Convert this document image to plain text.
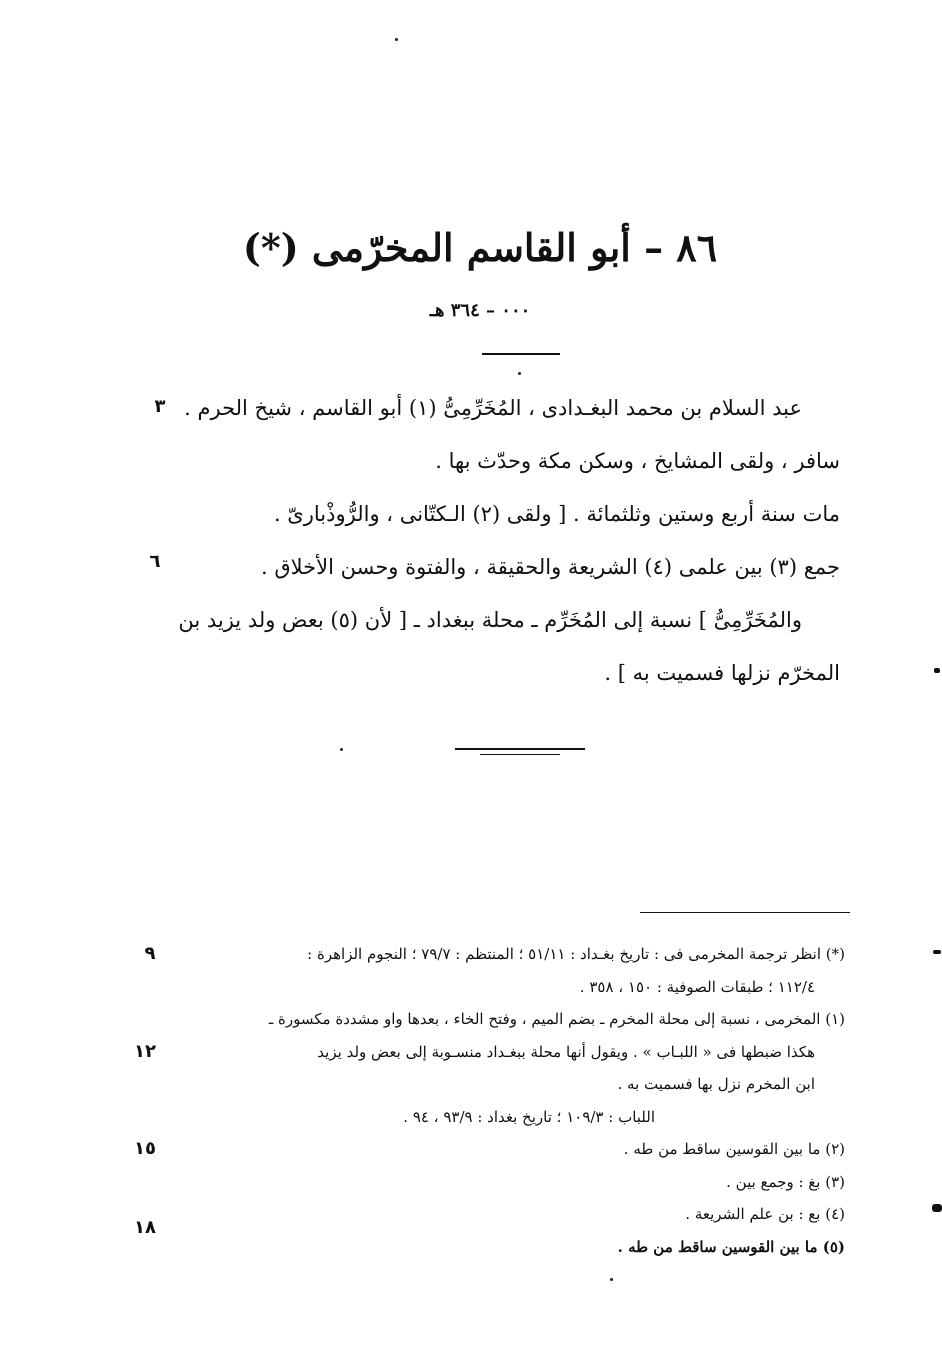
٨٦ – أبو القاسم المخرّمى (*)
٠٠٠ – ٣٦٤ هـ
عبد السلام بن محمد البغـدادى ، المُخَرِّمِىُّ (١) أبو القاسم ، شيخ الحرم .
سافر ، ولقى المشايخ ، وسكن مكة وحدّث بها .
مات سنة أربع وستين وثلثمائة . [ ولقى (٢) الـكتّانى ، والرُّوذْبارىّ .
جمع (٣) بين علمى (٤) الشريعة والحقيقة ، والفتوة وحسن الأخلاق .
والمُخَرِّمِىُّ ] نسبة إلى المُخَرِّم ـ محلة ببغداد ـ [ لأن (٥) بعض ولد يزيد بن
المخرّم نزلها فسميت به ] .
٣
٦
(*) انظر ترجمة المخرمى فى : تاريخ بغـداد : ٥١/١١ ؛ المنتظم : ٧٩/٧ ؛ النجوم الزاهرة :
١١٢/٤ ؛ طبقات الصوفية : ١٥٠ ، ٣٥٨ .
(١) المخرمى ، نسبة إلى محلة المخرم ـ بضم الميم ، وفتح الخاء ، بعدها واو مشددة مكسورة ـ
هكذا ضبطها فى « اللبـاب » . ويقول أنها محلة ببغـداد منسـوبة إلى بعض ولد يزيد
ابن المخرم نزل بها فسميت به .
اللباب : ١٠٩/٣ ؛ تاريخ بغداد : ٩٣/٩ ، ٩٤ .
(٢) ما بين القوسين ساقط من طه .
(٣) بغ : وجمع بين .
(٤) بع : بن علم الشريعة .
(٥) ما بين القوسين ساقط من طه .
٩
١٢
١٥
١٨
